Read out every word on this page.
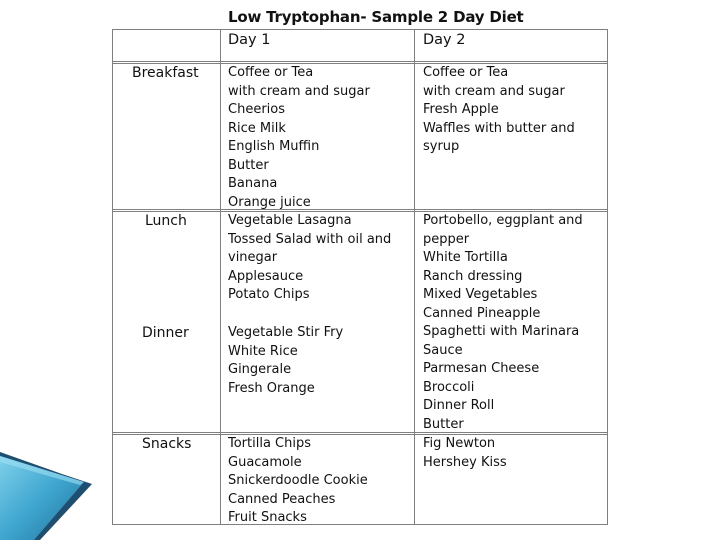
Low Tryptophan- Sample 2 Day Diet
Day 1	Day 2
Breakfast
Lunch
Dinner
Snacks
Coffee or Tea
with cream and sugar
Cheerios
Rice Milk
English Muffin
Butter
Banana
Orange juice
Coffee or Tea
with cream and sugar
Fresh Apple
Waffles with butter and
syrup
Vegetable Lasagna
Tossed Salad with oil and
vinegar
Applesauce
Potato Chips
Vegetable Stir Fry
White Rice
Gingerale
Fresh Orange
Portobello, eggplant and
pepper
White Tortilla
Ranch dressing
Mixed Vegetables
Canned Pineapple
Spaghetti with Marinara
Sauce
Parmesan Cheese
Broccoli
Dinner Roll
Butter
Tortilla Chips
Guacamole
Snickerdoodle Cookie
Canned Peaches
Fruit Snacks
Fig Newton
Hershey Kiss
